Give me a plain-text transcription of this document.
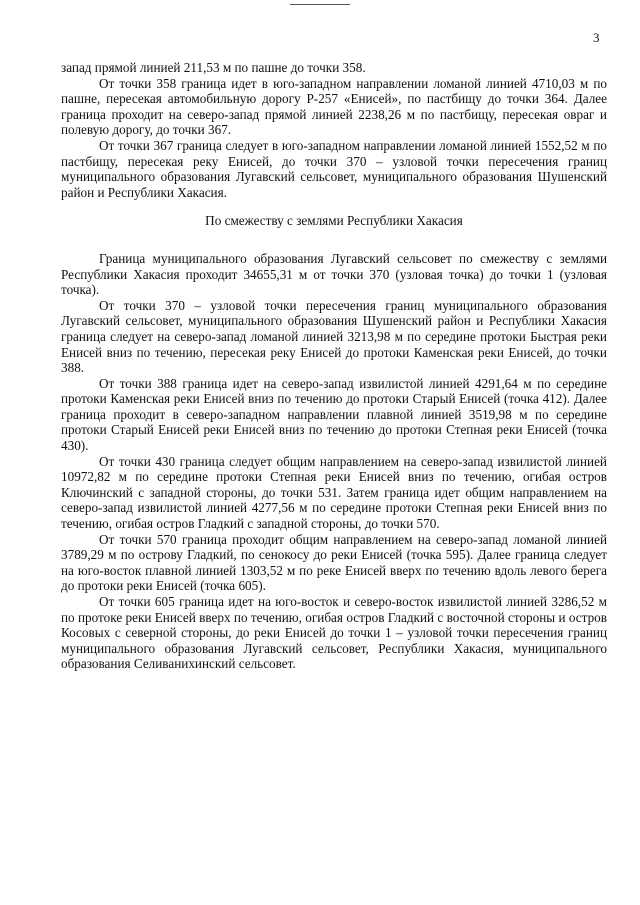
3

запад прямой линией 211,53 м по пашне до точки 358.

От точки 358 граница идет в юго-западном направлении ломаной линией 4710,03 м по пашне, пересекая автомобильную дорогу Р-257 «Енисей», по пастбищу до точки 364. Далее граница проходит на северо-запад прямой линией 2238,26 м по пастбищу, пересекая овраг и полевую дорогу, до точки 367.

От точки 367 граница следует в юго-западном направлении ломаной линией 1552,52 м по пастбищу, пересекая реку Енисей, до точки 370 – узловой точки пересечения границ муниципального образования Лугавский сельсовет, муниципального образования Шушенский район и Республики Хакасия.

По смежеству с землями Республики Хакасия

Граница муниципального образования Лугавский сельсовет по смежеству с землями Республики Хакасия проходит 34655,31 м от точки 370 (узловая точка) до точки 1 (узловая точка).

От точки 370 – узловой точки пересечения границ муниципального образования Лугавский сельсовет, муниципального образования Шушенский район и Республики Хакасия граница следует на северо-запад ломаной линией 3213,98 м по середине протоки Быстрая реки Енисей вниз по течению, пересекая реку Енисей до протоки Каменская реки Енисей, до точки 388.

От точки 388 граница идет на северо-запад извилистой линией 4291,64 м по середине протоки Каменская реки Енисей вниз по течению до протоки Старый Енисей (точка 412). Далее граница проходит в северо-западном направлении плавной линией 3519,98 м по середине протоки Старый Енисей реки Енисей вниз по течению до протоки Степная реки Енисей (точка 430).

От точки 430 граница следует общим направлением на северо-запад извилистой линией 10972,82 м по середине протоки Степная реки Енисей вниз по течению, огибая остров Ключинский с западной стороны, до точки 531. Затем граница идет общим направлением на северо-запад извилистой линией 4277,56 м по середине протоки Степная реки Енисей вниз по течению, огибая остров Гладкий с западной стороны, до точки 570.

От точки 570 граница проходит общим направлением на северо-запад ломаной линией 3789,29 м по острову Гладкий, по сенокосу до реки Енисей (точка 595). Далее граница следует на юго-восток плавной линией 1303,52 м по реке Енисей вверх по течению вдоль левого берега до протоки реки Енисей (точка 605).

От точки 605 граница идет на юго-восток и северо-восток извилистой линией 3286,52 м по протоке реки Енисей вверх по течению, огибая остров Гладкий с восточной стороны и остров Косовых с северной стороны, до реки Енисей до точки 1 – узловой точки пересечения границ муниципального образования Лугавский сельсовет, Республики Хакасия, муниципального образования Селиванихинский сельсовет.
